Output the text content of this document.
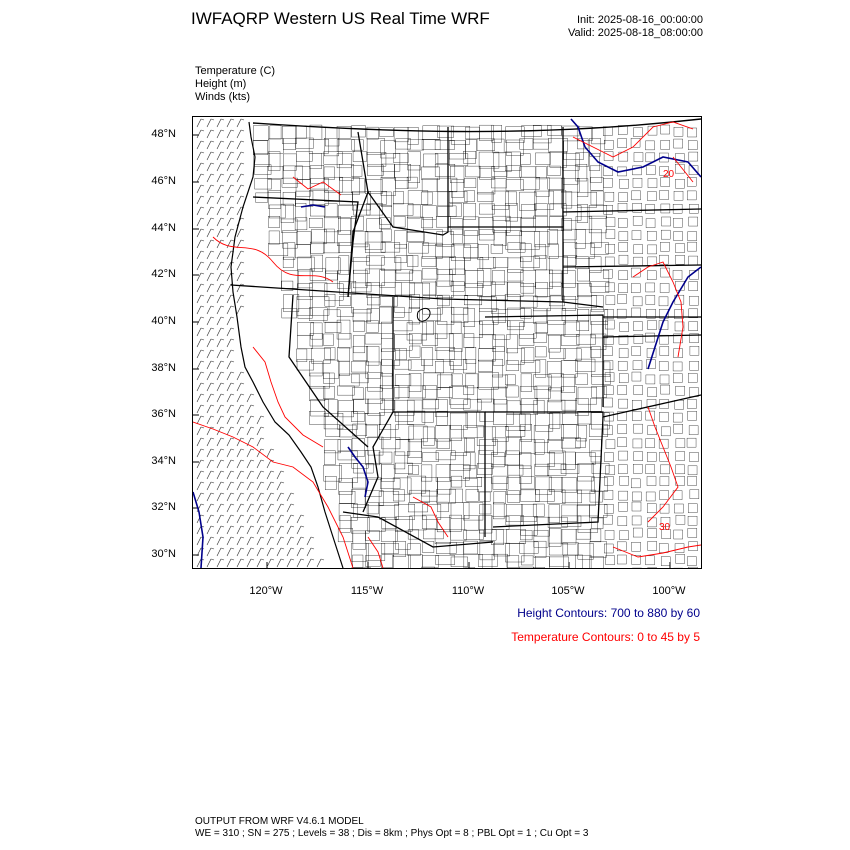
IWFAQRP Western US Real Time WRF	Init: 2025-08-16_00:00:00
Valid: 2025-08-18_08:00:00
Temperature (C)
Height (m)
Winds (kts)
48°N
46°N
44°N
42°N
40°N
38°N
36°N
34°N
32°N
30°N
120°W	115°W	110°W	105°W	100°W
20
30
Height Contours: 700 to 880 by 60
Temperature Contours: 0 to 45 by 5
OUTPUT FROM WRF V4.6.1 MODEL
WE = 310 ; SN = 275 ; Levels = 38 ; Dis = 8km ; Phys Opt = 8 ; PBL Opt = 1 ; Cu Opt = 3
